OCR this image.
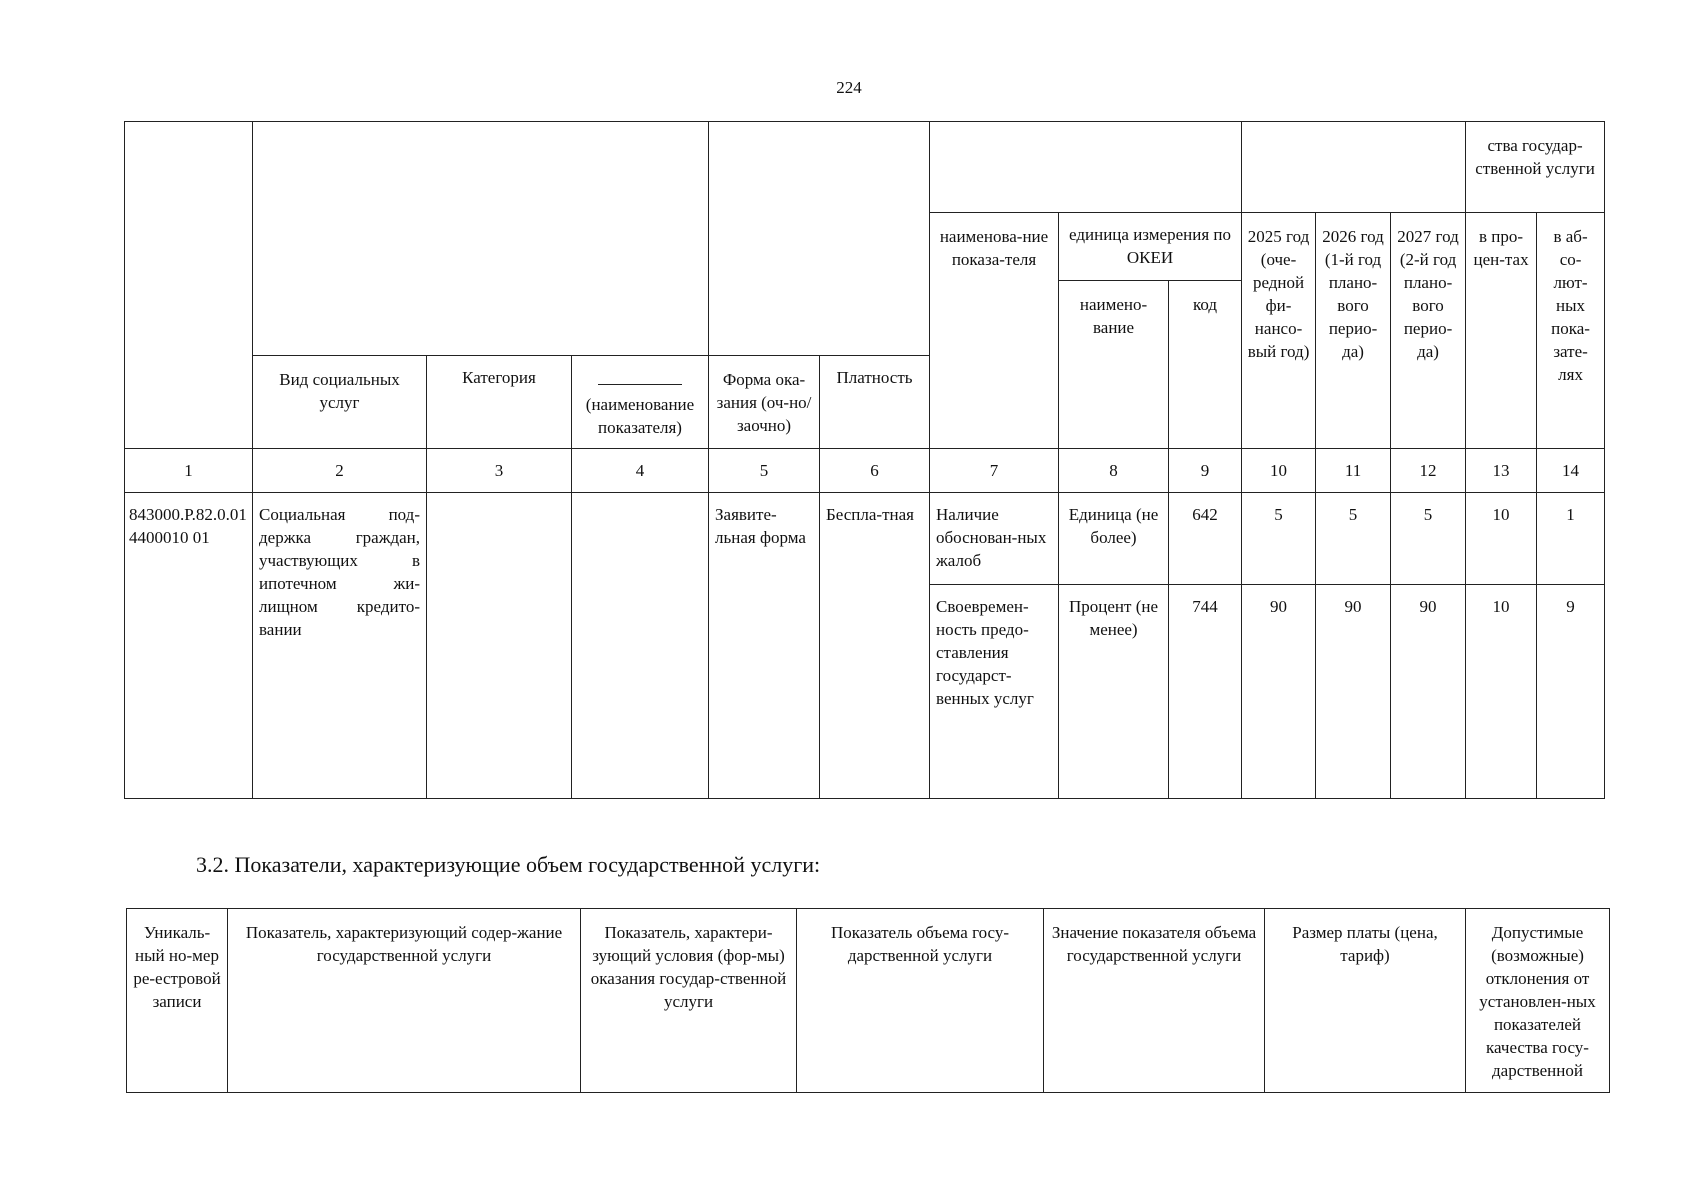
224
												ства государ-ственной услуги	
						наименова-ние показа-теля	единица измерения по ОКЕИ		2025 год (оче-редной фи-нансо-вый год)	2026 год (1-й год плано-вого перио-да)	2027 год (2-й год плано-вого перио-да)	в про-цен-тах	в аб-со-лют-ных пока-зате-лях
							наимено-вание	код					
	Вид социальных услуг	Категория	(наименование показателя)	Форма ока-зания (оч-но/заочно)	Платность								
1	2	3	4	5	6	7	8	9	10	11	12	13	14
843000.Р.82.0.014400010 01	Социальная под-держка граждан, участвующих в ипотечном жи-лищном кредито-вании			Заявите-льная форма	Бесплa-тная	Наличие обоснован-ных жалоб	Единица (не более)	642	5	5	5	10	1
						Своевремен-ность предо-ставления государст-венных услуг	Процент (не менее)	744	90	90	90	10	9
3.2. Показатели, характеризующие объем государственной услуги:
Уникаль-ный но-мер ре-естровой записи	Показатель, характеризующий содер-жание государственной услуги	Показатель, характери-зующий условия (фор-мы) оказания государ-ственной услуги	Показатель объема госу-дарственной услуги	Значение показателя объема государственной услуги	Размер платы (цена, тариф)	Допустимые (возможные) отклонения от установлен-ных показателей качества госу-дарственной
